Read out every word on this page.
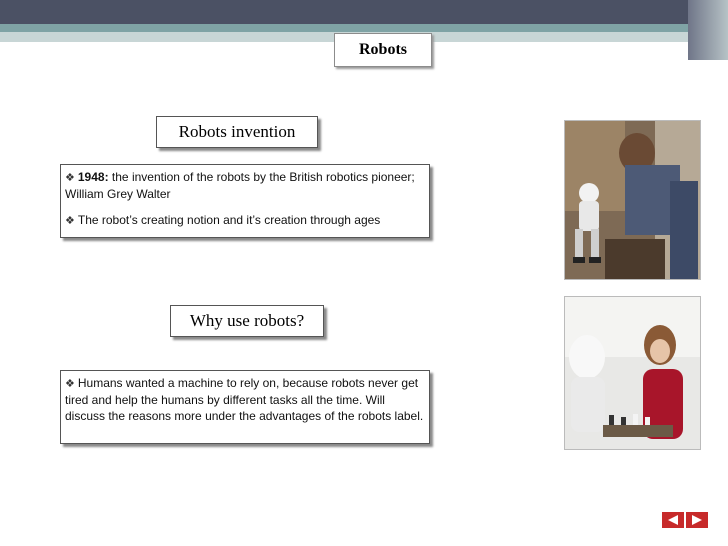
Robots
Robots invention

❖ 1948: the invention of the robots by the British robotics pioneer; William Grey Walter

❖ The robot’s creating notion and it’s creation through ages

Why use robots?

❖ Humans wanted a machine to rely on, because robots never get tired and help the humans by different tasks all the time. Will discuss the reasons more under the advantages of the robots label.
